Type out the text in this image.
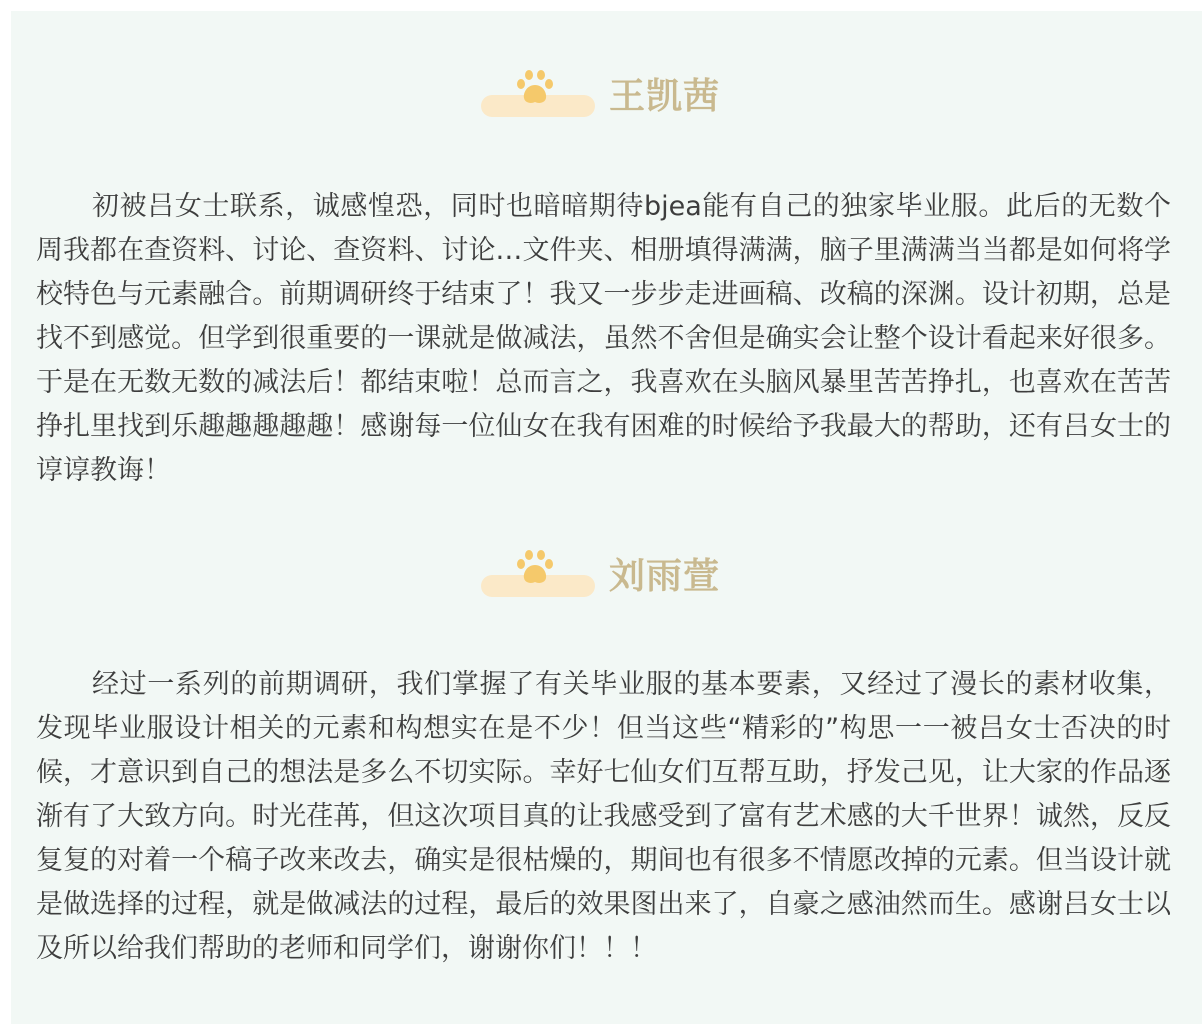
王凯茜

初被吕女士联系，诚感惶恐，同时也暗暗期待bjea能有自己的独家毕业服。此后的无数个周我都在查资料、讨论、查资料、讨论…文件夹、相册填得满满，脑子里满满当当都是如何将学校特色与元素融合。前期调研终于结束了！我又一步步走进画稿、改稿的深渊。设计初期，总是找不到感觉。但学到很重要的一课就是做减法，虽然不舍但是确实会让整个设计看起来好很多。于是在无数无数的减法后！都结束啦！总而言之，我喜欢在头脑风暴里苦苦挣扎，也喜欢在苦苦挣扎里找到乐趣趣趣趣趣！感谢每一位仙女在我有困难的时候给予我最大的帮助，还有吕女士的谆谆教诲！

刘雨萱

经过一系列的前期调研，我们掌握了有关毕业服的基本要素，又经过了漫长的素材收集，发现毕业服设计相关的元素和构想实在是不少！但当这些“精彩的”构思一一被吕女士否决的时候，才意识到自己的想法是多么不切实际。幸好七仙女们互帮互助，抒发己见，让大家的作品逐渐有了大致方向。时光荏苒，但这次项目真的让我感受到了富有艺术感的大千世界！诚然，反反复复的对着一个稿子改来改去，确实是很枯燥的，期间也有很多不情愿改掉的元素。但当设计就是做选择的过程，就是做减法的过程，最后的效果图出来了，自豪之感油然而生。感谢吕女士以及所以给我们帮助的老师和同学们，谢谢你们！！！
